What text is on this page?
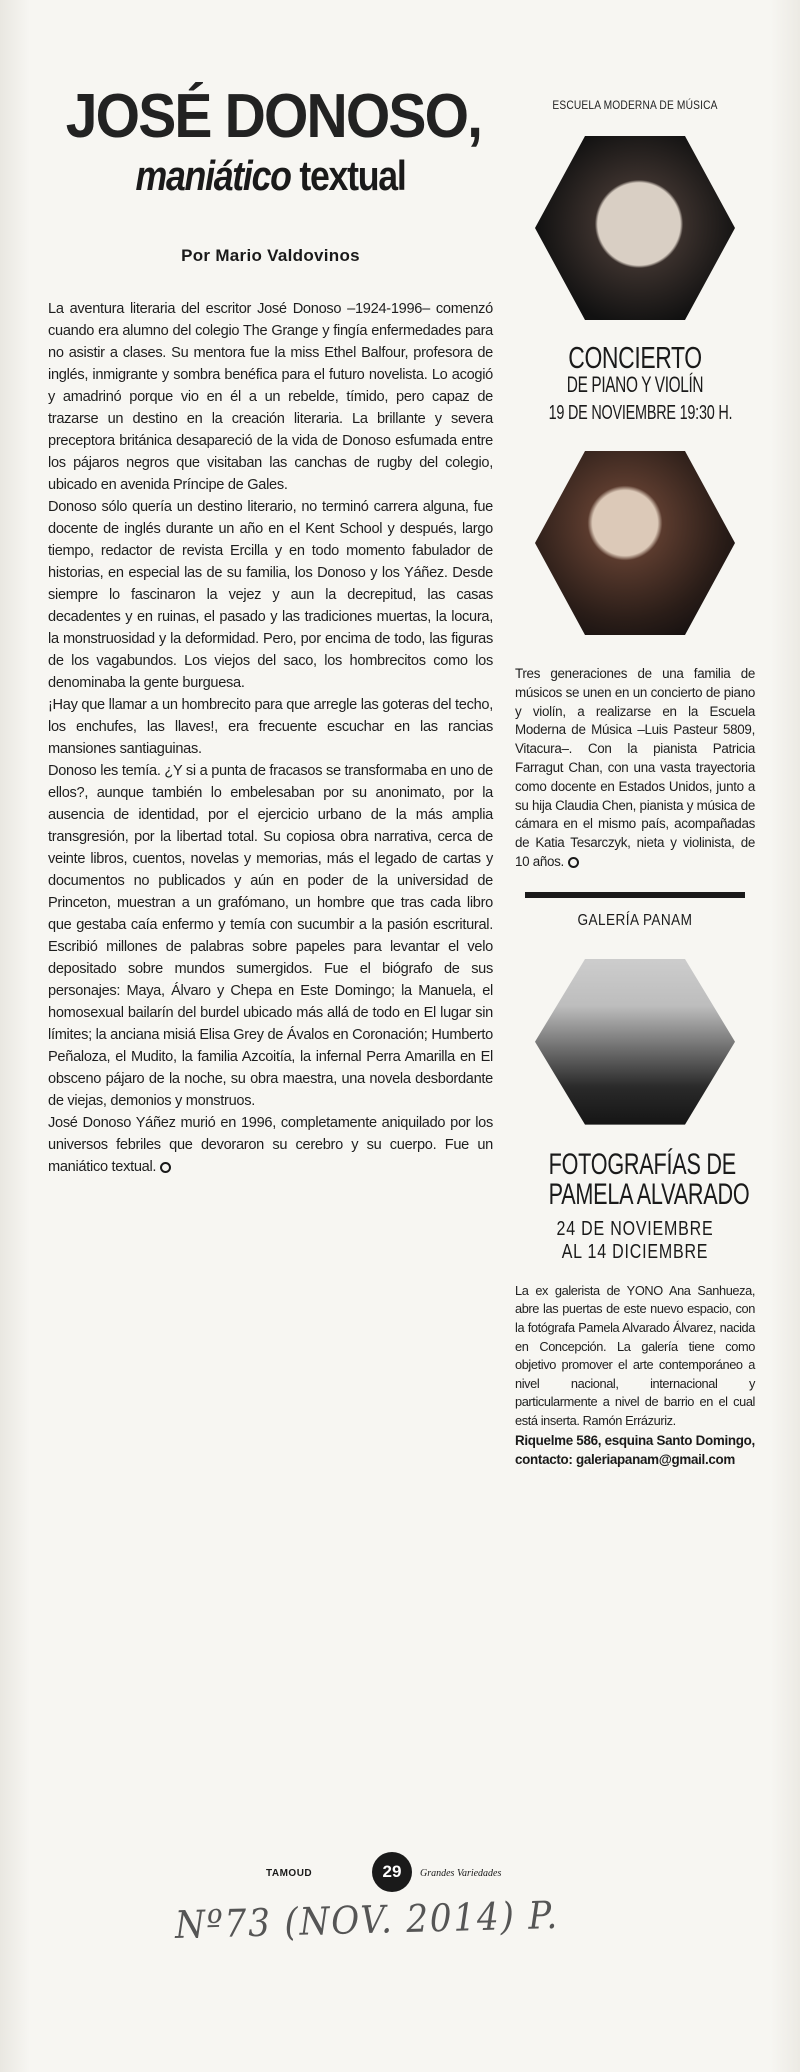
JOSÉ DONOSO,
maniático textual
Por Mario Valdovinos

La aventura literaria del escritor José Donoso –1924-1996– comenzó cuando era alumno del colegio The Grange y fingía enfermedades para no asistir a clases. Su mentora fue la miss Ethel Balfour, profesora de inglés, inmigrante y sombra benéfica para el futuro novelista. Lo acogió y amadrinó porque vio en él a un rebelde, tímido, pero capaz de trazarse un destino en la creación literaria. La brillante y severa preceptora británica desapareció de la vida de Donoso esfumada entre los pájaros negros que visitaban las canchas de rugby del colegio, ubicado en avenida Príncipe de Gales.

Donoso sólo quería un destino literario, no terminó carrera alguna, fue docente de inglés durante un año en el Kent School y después, largo tiempo, redactor de revista Ercilla y en todo momento fabulador de historias, en especial las de su familia, los Donoso y los Yáñez. Desde siempre lo fascinaron la vejez y aun la decrepitud, las casas decadentes y en ruinas, el pasado y las tradiciones muertas, la locura, la monstruosidad y la deformidad. Pero, por encima de todo, las figuras de los vagabundos. Los viejos del saco, los hombrecitos como los denominaba la gente burguesa.

¡Hay que llamar a un hombrecito para que arregle las goteras del techo, los enchufes, las llaves!, era frecuente escuchar en las rancias mansiones santiaguinas.

Donoso les temía. ¿Y si a punta de fracasos se transformaba en uno de ellos?, aunque también lo embelesaban por su anonimato, por la ausencia de identidad, por el ejercicio urbano de la más amplia transgresión, por la libertad total. Su copiosa obra narrativa, cerca de veinte libros, cuentos, novelas y memorias, más el legado de cartas y documentos no publicados y aún en poder de la universidad de Princeton, muestran a un grafómano, un hombre que tras cada libro que gestaba caía enfermo y temía con sucumbir a la pasión escritural. Escribió millones de palabras sobre papeles para levantar el velo depositado sobre mundos sumergidos. Fue el biógrafo de sus personajes: Maya, Álvaro y Chepa en Este Domingo; la Manuela, el homosexual bailarín del burdel ubicado más allá de todo en El lugar sin límites; la anciana misiá Elisa Grey de Ávalos en Coronación; Humberto Peñaloza, el Mudito, la familia Azcoitía, la infernal Perra Amarilla en El obsceno pájaro de la noche, su obra maestra, una novela desbordante de viejas, demonios y monstruos.

José Donoso Yáñez murió en 1996, completamente aniquilado por los universos febriles que devoraron su cerebro y su cuerpo. Fue un maniático textual.

ESCUELA MODERNA DE MÚSICA
CONCIERTO
DE PIANO Y VIOLÍN
19 DE NOVIEMBRE 19:30 H.
Tres generaciones de una familia de músicos se unen en un concierto de piano y violín, a realizarse en la Escuela Moderna de Música –Luis Pasteur 5809, Vitacura–. Con la pianista Patricia Farragut Chan, con una vasta trayectoria como docente en Estados Unidos, junto a su hija Claudia Chen, pianista y música de cámara en el mismo país, acompañadas de Katia Tesarczyk, nieta y violinista, de 10 años.
GALERÍA PANAM
FOTOGRAFÍAS DE
PAMELA ALVARADO
24 DE NOVIEMBRE
AL 14 DICIEMBRE
La ex galerista de YONO Ana Sanhueza, abre las puertas de este nuevo espacio, con la fotógrafa Pamela Alvarado Álvarez, nacida en Concepción. La galería tiene como objetivo promover el arte contemporáneo a nivel nacional, internacional y particularmente a nivel de barrio en el cual está inserta. Ramón Errázuriz.
Riquelme 586, esquina Santo Domingo, contacto: galeriapanam@gmail.com
TAMOUD	29	Grandes Variedades
Nº73 (NOV. 2014) P.
